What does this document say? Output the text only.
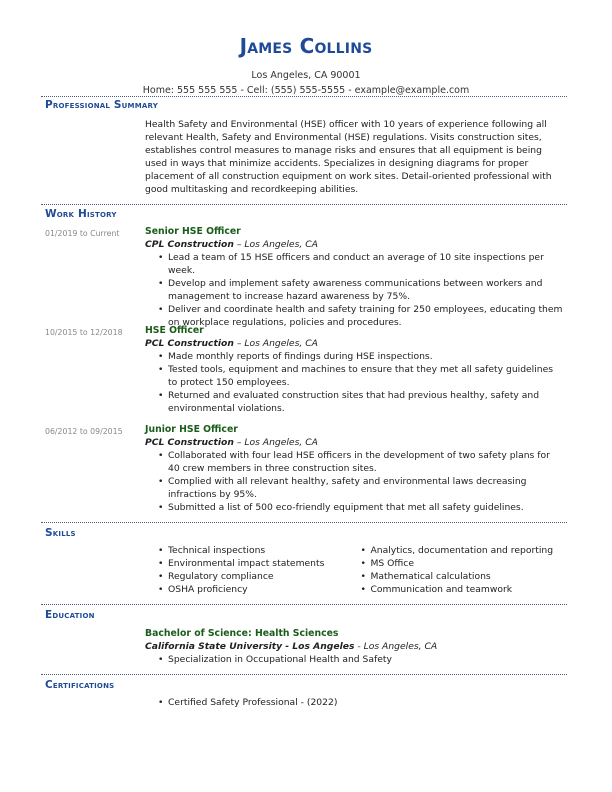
James Collins
Los Angeles, CA 90001
Home: 555 555 555 - Cell: (555) 555-5555 - example@example.com
Professional Summary
Health Safety and Environmental (HSE) officer with 10 years of experience following all relevant Health, Safety and Environmental (HSE) regulations. Visits construction sites, establishes control measures to manage risks and ensures that all equipment is being used in ways that minimize accidents. Specializes in designing diagrams for proper placement of all construction equipment on work sites. Detail-oriented professional with good multitasking and recordkeeping abilities.
Work History
01/2019 to Current	Senior HSE Officer
CPL Construction – Los Angeles, CA
• Lead a team of 15 HSE officers and conduct an average of 10 site inspections per week.
• Develop and implement safety awareness communications between workers and management to increase hazard awareness by 75%.
• Deliver and coordinate health and safety training for 250 employees, educating them on workplace regulations, policies and procedures.
10/2015 to 12/2018 HSE Officer
PCL Construction – Los Angeles, CA
• Made monthly reports of findings during HSE inspections.
• Tested tools, equipment and machines to ensure that they met all safety guidelines to protect 150 employees.
• Returned and evaluated construction sites that had previous healthy, safety and environmental violations.
06/2012 to 09/2015 Junior HSE Officer
PCL Construction – Los Angeles, CA
• Collaborated with four lead HSE officers in the development of two safety plans for 40 crew members in three construction sites.
• Complied with all relevant healthy, safety and environmental laws decreasing infractions by 95%.
• Submitted a list of 500 eco-friendly equipment that met all safety guidelines.
Skills
• Technical inspections
• Environmental impact statements
• Regulatory compliance
• OSHA proficiency
• Analytics, documentation and reporting
• MS Office
• Mathematical calculations
• Communication and teamwork
Education
Bachelor of Science: Health Sciences
California State University - Los Angeles - Los Angeles, CA
• Specialization in Occupational Health and Safety
Certifications
• Certified Safety Professional - (2022)
